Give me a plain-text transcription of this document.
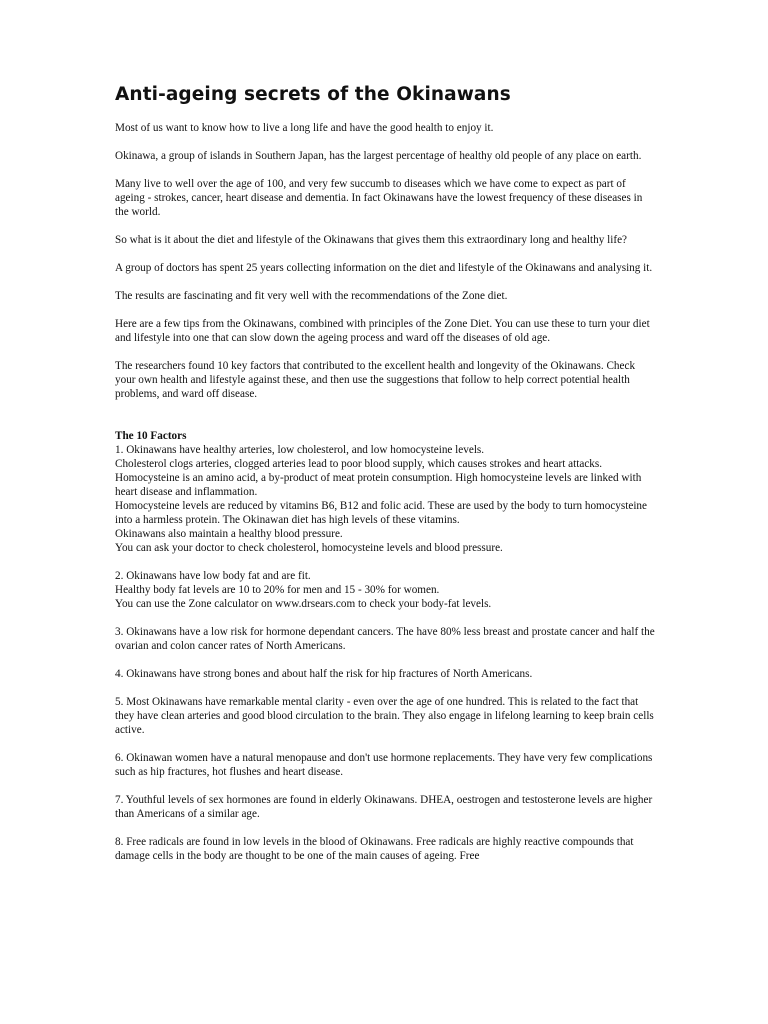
Anti-ageing secrets of the Okinawans

Most of us want to know how to live a long life and have the good health to enjoy it.

Okinawa, a group of islands in Southern Japan, has the largest percentage of healthy old people of any place on earth.

Many live to well over the age of 100, and very few succumb to diseases which we have come to expect as part of ageing - strokes, cancer, heart disease and dementia. In fact Okinawans have the lowest frequency of these diseases in the world.

So what is it about the diet and lifestyle of the Okinawans that gives them this extraordinary long and healthy life?

A group of doctors has spent 25 years collecting information on the diet and lifestyle of the Okinawans and analysing it.

The results are fascinating and fit very well with the recommendations of the Zone diet.

Here are a few tips from the Okinawans, combined with principles of the Zone Diet. You can use these to turn your diet and lifestyle into one that can slow down the ageing process and ward off the diseases of old age.

The researchers found 10 key factors that contributed to the excellent health and longevity of the Okinawans. Check your own health and lifestyle against these, and then use the suggestions that follow to help correct potential health problems, and ward off disease.

The 10 Factors

1. Okinawans have healthy arteries, low cholesterol, and low homocysteine levels.

Cholesterol clogs arteries, clogged arteries lead to poor blood supply, which causes strokes and heart attacks.

Homocysteine is an amino acid, a by-product of meat protein consumption. High homocysteine levels are linked with heart disease and inflammation.

Homocysteine levels are reduced by vitamins B6, B12 and folic acid. These are used by the body to turn homocysteine into a harmless protein. The Okinawan diet has high levels of these vitamins.

Okinawans also maintain a healthy blood pressure.

You can ask your doctor to check cholesterol, homocysteine levels and blood pressure.

2. Okinawans have low body fat and are fit.

Healthy body fat levels are 10 to 20% for men and 15 - 30% for women.

You can use the Zone calculator on www.drsears.com to check your body-fat levels.

3. Okinawans have a low risk for hormone dependant cancers. The have 80% less breast and prostate cancer and half the ovarian and colon cancer rates of North Americans.

4. Okinawans have strong bones and about half the risk for hip fractures of North Americans.

5. Most Okinawans have remarkable mental clarity - even over the age of one hundred. This is related to the fact that they have clean arteries and good blood circulation to the brain. They also engage in lifelong learning to keep brain cells active.

6. Okinawan women have a natural menopause and don't use hormone replacements. They have very few complications such as hip fractures, hot flushes and heart disease.

7. Youthful levels of sex hormones are found in elderly Okinawans. DHEA, oestrogen and testosterone levels are higher than Americans of a similar age.

8. Free radicals are found in low levels in the blood of Okinawans. Free radicals are highly reactive compounds that damage cells in the body are thought to be one of the main causes of ageing. Free
